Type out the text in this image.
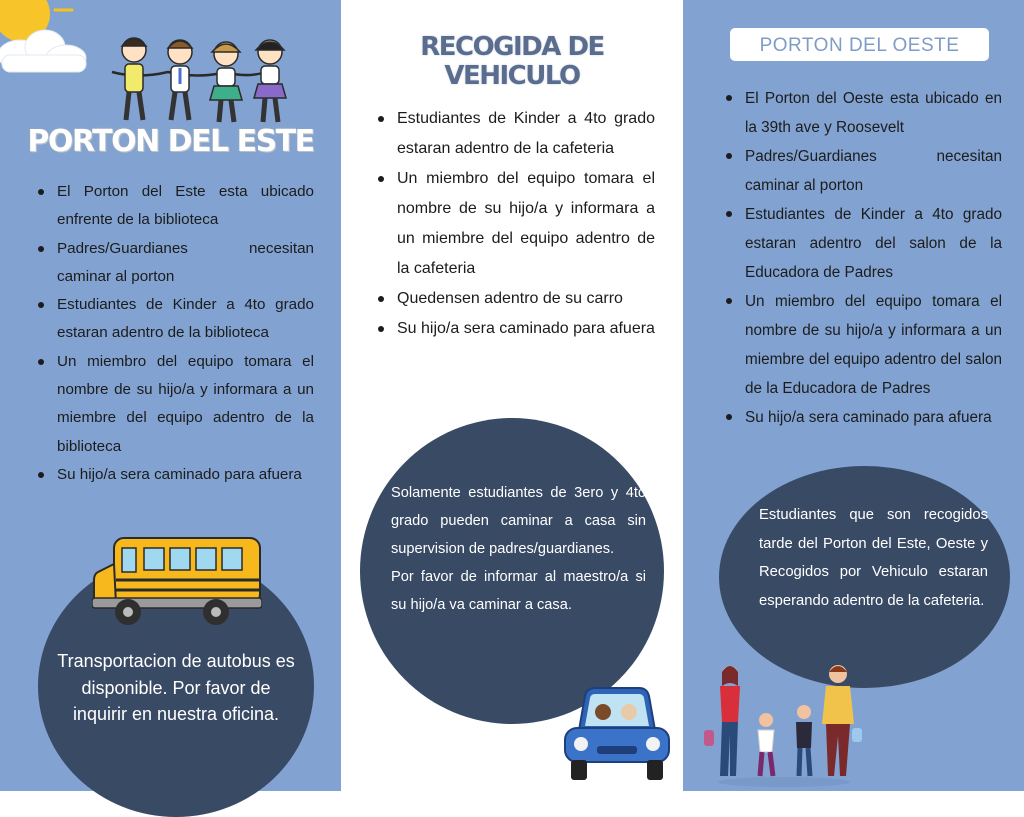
PORTON DEL ESTE
El Porton del Este esta ubicado enfrente de la biblioteca
Padres/Guardianes necesitan caminar al porton
Estudiantes de Kinder a 4to grado estaran adentro de la biblioteca
Un miembro del equipo tomara el nombre de su hijo/a y informara a un miembre del equipo adentro de la biblioteca
Su hijo/a sera caminado para afuera
Transportacion de autobus es disponible. Por favor de inquirir en nuestra oficina.
RECOGIDA DE
VEHICULO
Estudiantes de Kinder a 4to grado estaran adentro de la cafeteria
Un miembro del equipo tomara el nombre de su hijo/a y informara a un miembre del equipo adentro de la cafeteria
Quedensen adentro de su carro
Su hijo/a sera caminado para afuera

Solamente estudiantes de 3ero y 4to grado pueden caminar a casa sin supervision de padres/guardianes.

Por favor de informar al maestro/a si su hijo/a va caminar a casa.

PORTON DEL OESTE
El Porton del Oeste esta ubicado en la 39th ave y Roosevelt
Padres/Guardianes necesitan caminar al porton
Estudiantes de Kinder a 4to grado estaran adentro del salon de la Educadora de Padres
Un miembro del equipo tomara el nombre de su hijo/a y informara a un miembre del equipo adentro del salon de la Educadora de Padres
Su hijo/a sera caminado para afuera
Estudiantes que son recogidos tarde del Porton del Este, Oeste y Recogidos por Vehiculo estaran esperando adentro de la cafeteria.
